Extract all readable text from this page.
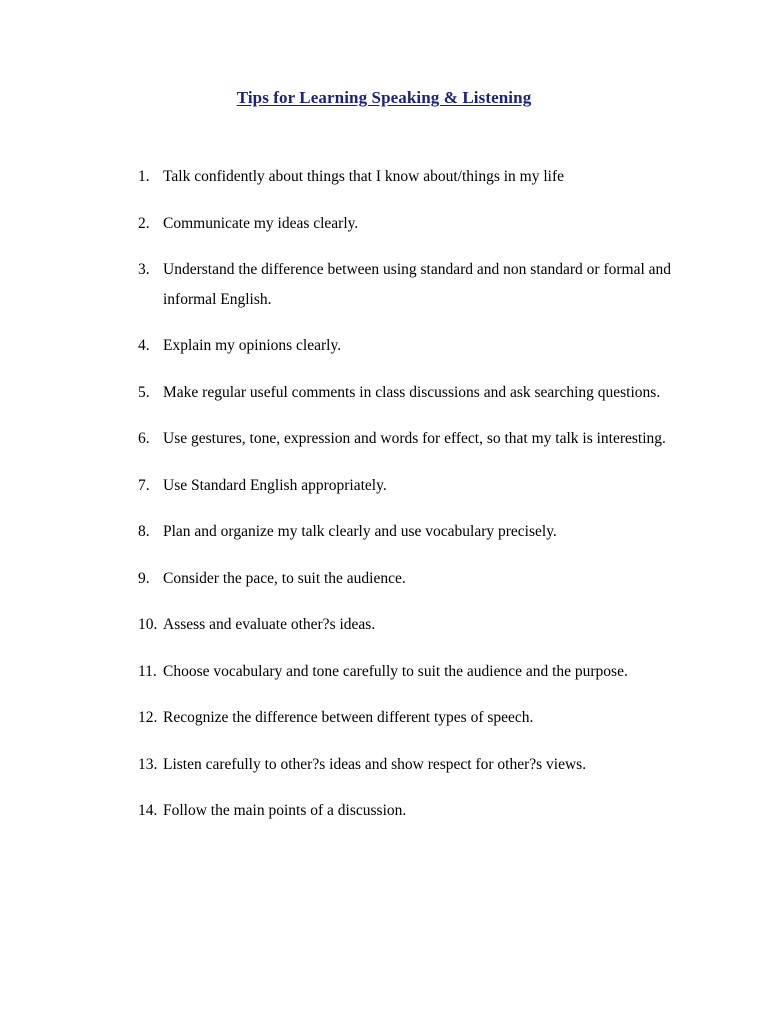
Tips for Learning Speaking & Listening
1. Talk confidently about things that I know about/things in my life
2. Communicate my ideas clearly.
3. Understand the difference between using standard and non standard or formal and informal English.
4. Explain my opinions clearly.
5. Make regular useful comments in class discussions and ask searching questions.
6. Use gestures, tone, expression and words for effect, so that my talk is interesting.
7. Use Standard English appropriately.
8. Plan and organize my talk clearly and use vocabulary precisely.
9. Consider the pace, to suit the audience.
10. Assess and evaluate other?s ideas.
11. Choose vocabulary and tone carefully to suit the audience and the purpose.
12. Recognize the difference between different types of speech.
13. Listen carefully to other?s ideas and show respect for other?s views.
14. Follow the main points of a discussion.
